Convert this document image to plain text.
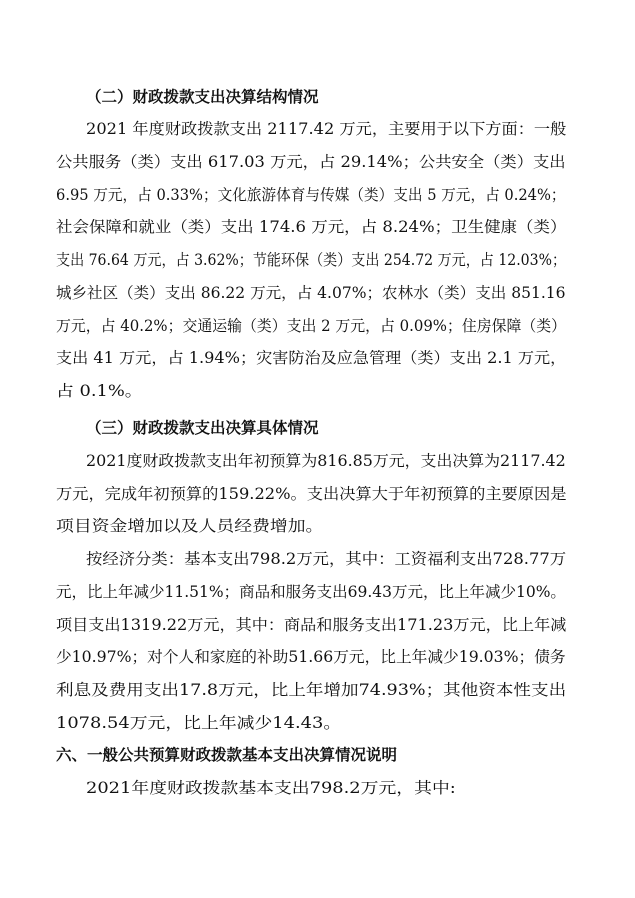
（二）财政拨款支出决算结构情况
2021 年度财政拨款支出 2117.42 万元，主要用于以下方面：一般
公共服务（类）支出 617.03 万元，占 29.14%；公共安全（类）支出
6.95 万元，占 0.33%；文化旅游体育与传媒（类）支出 5 万元，占 0.24%；
社会保障和就业（类）支出 174.6 万元，占 8.24%；卫生健康（类）
支出 76.64 万元，占 3.62%；节能环保（类）支出 254.72 万元，占 12.03%；
城乡社区（类）支出 86.22 万元，占 4.07%；农林水（类）支出 851.16
万元，占 40.2%；交通运输（类）支出 2 万元，占 0.09%；住房保障（类）
支出 41 万元，占 1.94%；灾害防治及应急管理（类）支出 2.1 万元，
占 0.1%。
（三）财政拨款支出决算具体情况
2021度财政拨款支出年初预算为816.85万元，支出决算为2117.42
万元，完成年初预算的159.22%。支出决算大于年初预算的主要原因是
项目资金增加以及人员经费增加。
按经济分类：基本支出798.2万元，其中：工资福利支出728.77万
元，比上年减少11.51%；商品和服务支出69.43万元，比上年减少10%。
项目支出1319.22万元，其中：商品和服务支出171.23万元，比上年减
少10.97%；对个人和家庭的补助51.66万元，比上年减少19.03%；债务
利息及费用支出17.8万元，比上年增加74.93%；其他资本性支出
1078.54万元，比上年减少14.43。
六、一般公共预算财政拨款基本支出决算情况说明
2021年度财政拨款基本支出798.2万元，其中:
